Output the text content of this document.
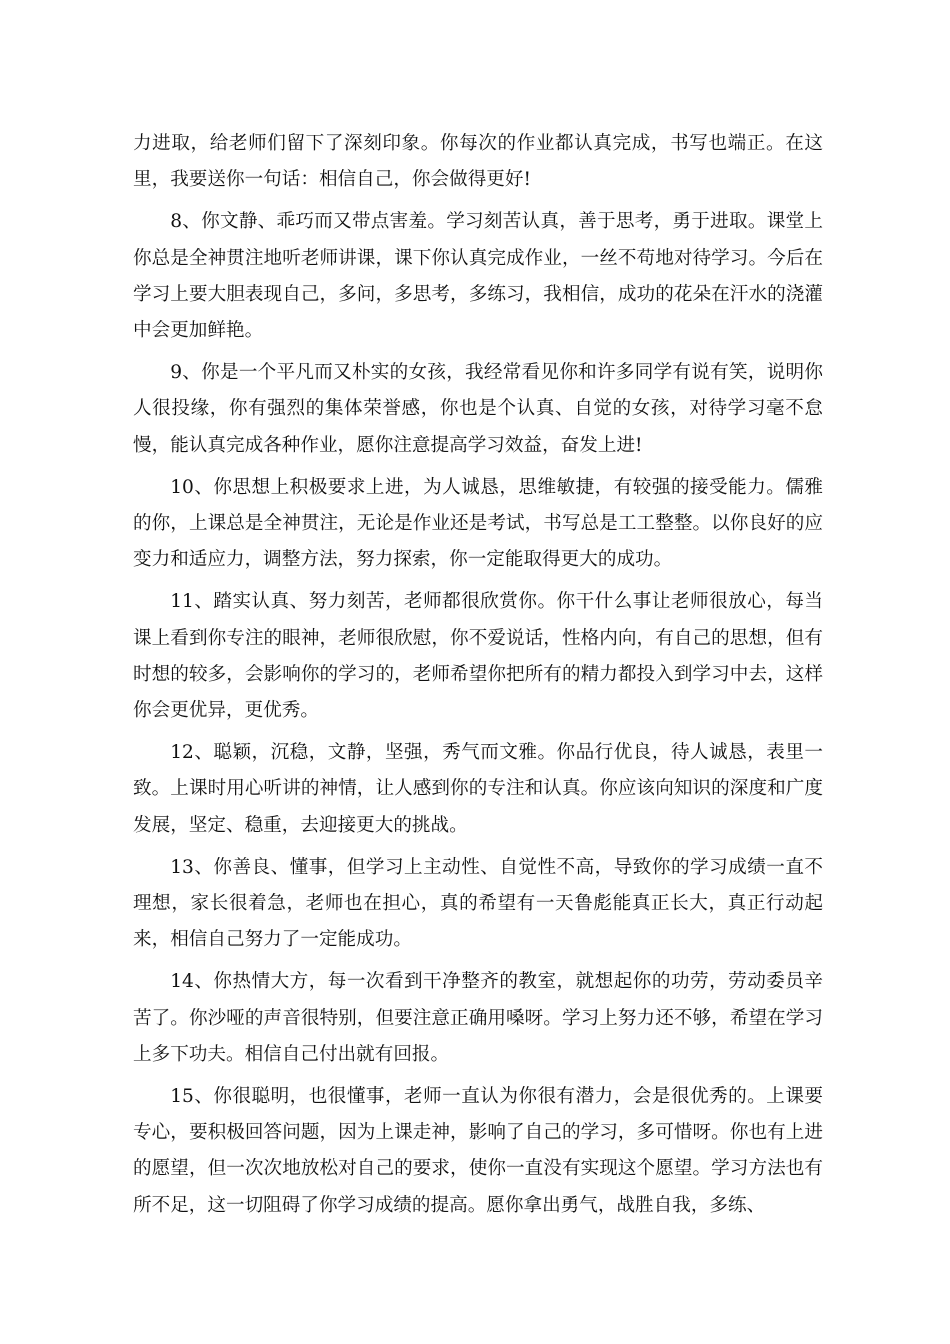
力进取，给老师们留下了深刻印象。你每次的作业都认真完成，书写也端正。在这里，我要送你一句话：相信自己，你会做得更好!

8、你文静、乖巧而又带点害羞。学习刻苦认真，善于思考，勇于进取。课堂上你总是全神贯注地听老师讲课，课下你认真完成作业，一丝不苟地对待学习。今后在学习上要大胆表现自己，多问，多思考，多练习，我相信，成功的花朵在汗水的浇灌中会更加鲜艳。

9、你是一个平凡而又朴实的女孩，我经常看见你和许多同学有说有笑，说明你人很投缘，你有强烈的集体荣誉感，你也是个认真、自觉的女孩，对待学习毫不怠慢，能认真完成各种作业，愿你注意提高学习效益，奋发上进!

10、你思想上积极要求上进，为人诚恳，思维敏捷，有较强的接受能力。儒雅的你，上课总是全神贯注，无论是作业还是考试，书写总是工工整整。以你良好的应变力和适应力，调整方法，努力探索，你一定能取得更大的成功。

11、踏实认真、努力刻苦，老师都很欣赏你。你干什么事让老师很放心，每当课上看到你专注的眼神，老师很欣慰，你不爱说话，性格内向，有自己的思想，但有时想的较多，会影响你的学习的，老师希望你把所有的精力都投入到学习中去，这样你会更优异，更优秀。

12、聪颖，沉稳，文静，坚强，秀气而文雅。你品行优良，待人诚恳，表里一致。上课时用心听讲的神情，让人感到你的专注和认真。你应该向知识的深度和广度发展，坚定、稳重，去迎接更大的挑战。

13、你善良、懂事，但学习上主动性、自觉性不高，导致你的学习成绩一直不理想，家长很着急，老师也在担心，真的希望有一天鲁彪能真正长大，真正行动起来，相信自己努力了一定能成功。

14、你热情大方，每一次看到干净整齐的教室，就想起你的功劳，劳动委员辛苦了。你沙哑的声音很特别，但要注意正确用嗓呀。学习上努力还不够，希望在学习上多下功夫。相信自己付出就有回报。

15、你很聪明，也很懂事，老师一直认为你很有潜力，会是很优秀的。上课要专心，要积极回答问题，因为上课走神，影响了自己的学习，多可惜呀。你也有上进的愿望，但一次次地放松对自己的要求，使你一直没有实现这个愿望。学习方法也有所不足，这一切阻碍了你学习成绩的提高。愿你拿出勇气，战胜自我，多练、
